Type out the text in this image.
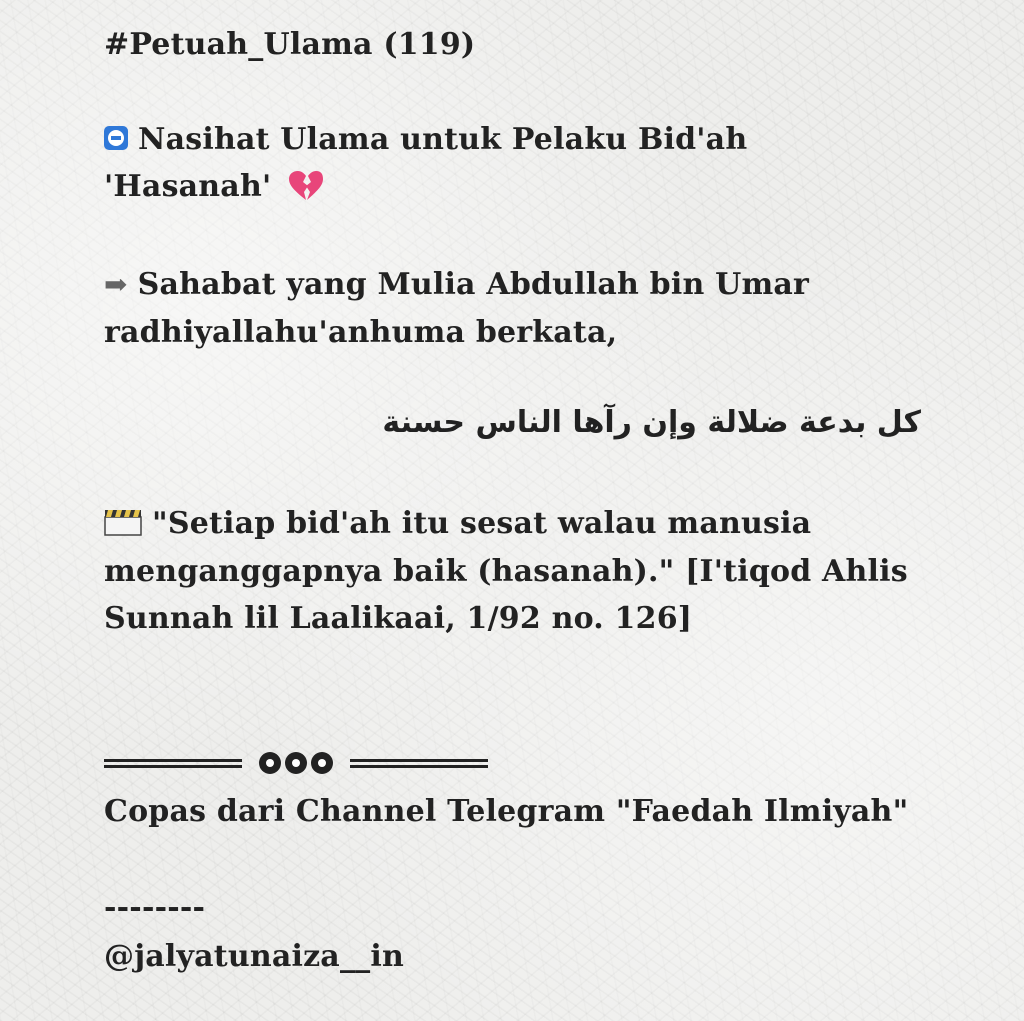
#Petuah_Ulama (119)
Nasihat Ulama untuk Pelaku Bid'ah
'Hasanah'
➡ Sahabat yang Mulia Abdullah bin Umar
radhiyallahu'anhuma berkata,
كل بدعة ضلالة وإن رآها الناس حسنة
"Setiap bid'ah itu sesat walau manusia
menganggapnya baik (hasanah)." [I'tiqod Ahlis
Sunnah lil Laalikaai, 1/92 no. 126]
Copas dari Channel Telegram "Faedah Ilmiyah"
--------
@jalyatunaiza__in
